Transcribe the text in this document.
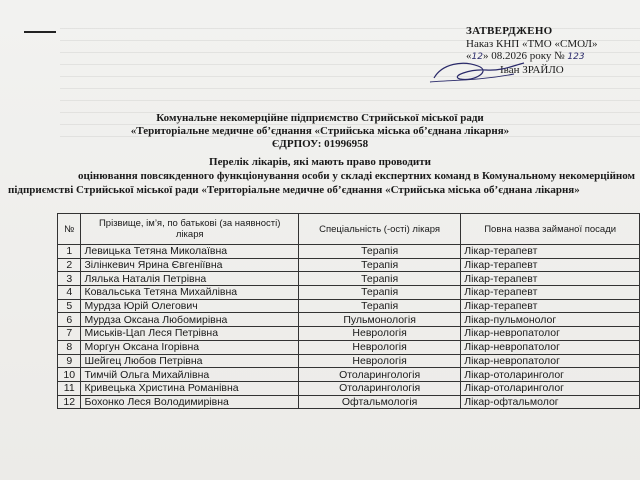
ЗАТВЕРДЖЕНО
Наказ КНП «ТМО «СМОЛ»
«12» 08.2026 року № 123
Іван ЗРАЙЛО
Комунальне некомерційне підприємство Стрийської міської ради
«Територіальне медичне об’єднання «Стрийська міська об’єднана лікарня»
ЄДРПОУ: 01996958
Перелік лікарів, які мають право проводити
оцінювання повсякденного функціонування особи у складі експертних команд в Комунальному некомерційном
підприємстві Стрийської міської ради «Територіальне медичне об’єднання «Стрийська міська об’єднана лікарня»
№	Прізвище, ім’я, по батькові (за наявності) лікаря	Спеціальність (-ості) лікаря	Повна назва займаної посади
1	Левицька Тетяна Миколаївна	Терапія	Лікар-терапевт
2	Зілінкевич Ярина Євгеніївна	Терапія	Лікар-терапевт
3	Лялька Наталія Петрівна	Терапія	Лікар-терапевт
4	Ковальська Тетяна Михайлівна	Терапія	Лікар-терапевт
5	Мурдза Юрій Олегович	Терапія	Лікар-терапевт
6	Мурдза Оксана Любомирівна	Пульмонологія	Лікар-пульмонолог
7	Миськів-Цап Леся Петрівна	Неврологія	Лікар-невропатолог
8	Моргун Оксана Ігорівна	Неврологія	Лікар-невропатолог
9	Шейгец Любов Петрівна	Неврологія	Лікар-невропатолог
10	Тимчій Ольга Михайлівна	Отоларингологія	Лікар-отоларинголог
11	Кривецька Христина Романівна	Отоларингологія	Лікар-отоларинголог
12	Бохонко Леся Володимирівна	Офтальмологія	Лікар-офтальмолог
